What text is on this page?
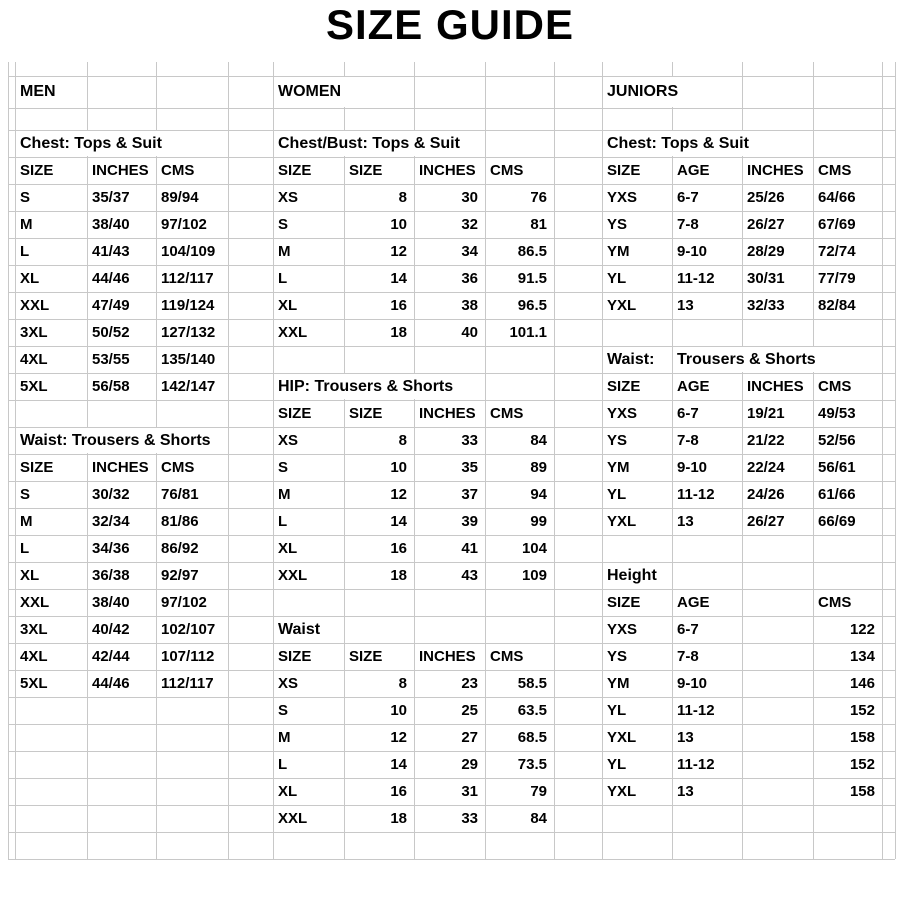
SIZE GUIDE
MEN
Chest: Tops & Suit
SIZE	INCHES CMS
S	35/37	89/94
M	38/40	97/102
L	41/43	104/109
XL	44/46	112/117
XXL	47/49	119/124
3XL	50/52	127/132
4XL	53/55	135/140
5XL	56/58	142/147
Waist: Trousers & Shorts
SIZE	INCHES CMS
S	30/32	76/81
M	32/34	81/86
L	34/36	86/92
XL	36/38	92/97
XXL	38/40	97/102
3XL	40/42	102/107
4XL	42/44	107/112
5XL	44/46	112/117
WOMEN
Chest/Bust: Tops & Suit
SIZE	SIZE	INCHES CMS
XS	8	30	76
S	10	32	81
M	12	34	86.5
L	14	36	91.5
XL	16	38	96.5
XXL	18	40	101.1
HIP: Trousers & Shorts
SIZE	SIZE	INCHES CMS
XS	8	33	84
S	10	35	89
M	12	37	94
L	14	39	99
XL	16	41	104
XXL	18	43	109
Waist
SIZE	SIZE	INCHES CMS
XS	8	23	58.5
S	10	25	63.5
M	12	27	68.5
L	14	29	73.5
XL	16	31	79
XXL	18	33	84
JUNIORS
Chest: Tops & Suit
SIZE	AGE	INCHES CMS
YXS	6-7	25/26	64/66
YS	7-8	26/27	67/69
YM	9-10	28/29	72/74
YL	11-12	30/31	77/79
YXL	13	32/33	82/84
Waist:	Trousers & Shorts
SIZE	AGE	INCHES CMS
YXS	6-7	19/21	49/53
YS	7-8	21/22	52/56
YM	9-10	22/24	56/61
YL	11-12	24/26	61/66
YXL	13	26/27	66/69
Height
SIZE	AGE	CMS
YXS	6-7	122
YS	7-8	134
YM	9-10	146
YL	11-12	152
YXL	13	158
YL	11-12	152
YXL	13	158
